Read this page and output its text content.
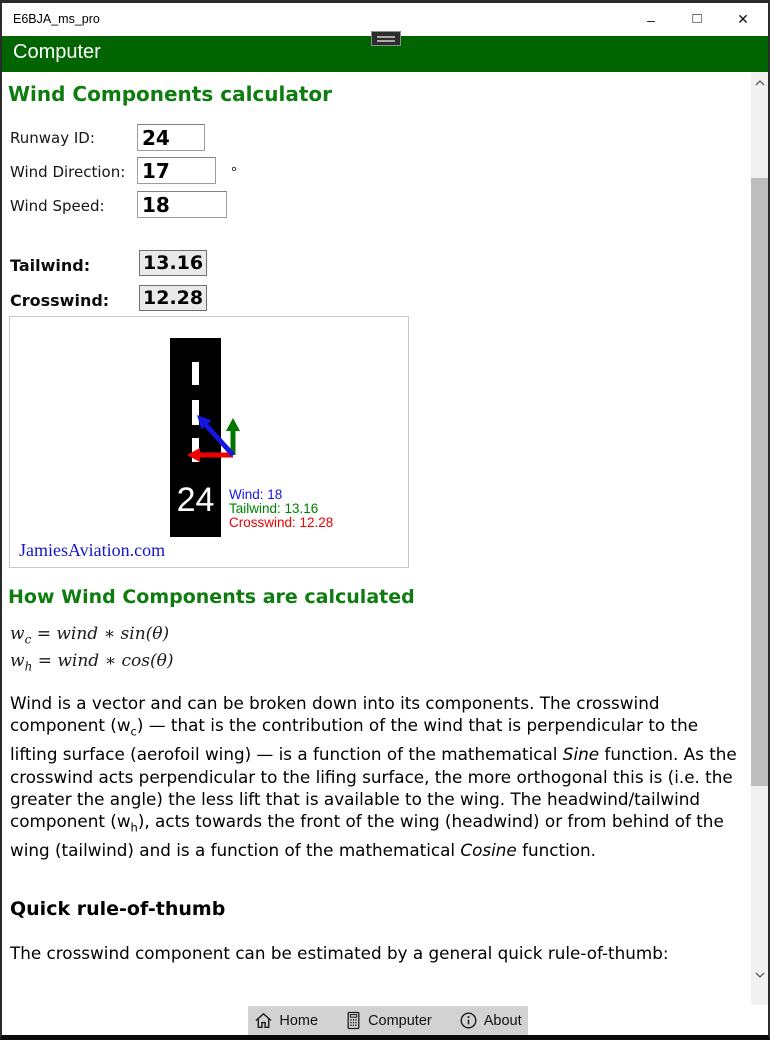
E6BJA_ms_pro	–	□	✕
Computer
Wind Components calculator
Runway ID:
24
Wind Direction:
17	°
Wind Speed:
18
Tailwind:	13.16
Crosswind: 12.28
24	Wind: 18
Tailwind: 13.16
Crosswind: 12.28
JamiesAviation.com
How Wind Components are calculated
$w_c$ = wind ∗ sin(θ)
$w_h$ = wind ∗ cos(θ)
Wind is a vector and can be broken down into its components. The crosswind component $(w_c)$ — that is the contribution of the wind that is perpendicular to the lifting surface (aerofoil wing) — is a function of the mathematical Sine function. As the crosswind acts perpendicular to the lifing surface, the more orthogonal this is (i.e. the greater the angle) the less lift that is available to the wing. The headwind/tailwind component $(w_h)$, acts towards the front of the wing (headwind) or from behind of the wing (tailwind) and is a function of the mathematical Cosine function.
Quick rule-of-thumb
The crosswind component can be estimated by a general quick rule-of-thumb:
Home	Computer	About
